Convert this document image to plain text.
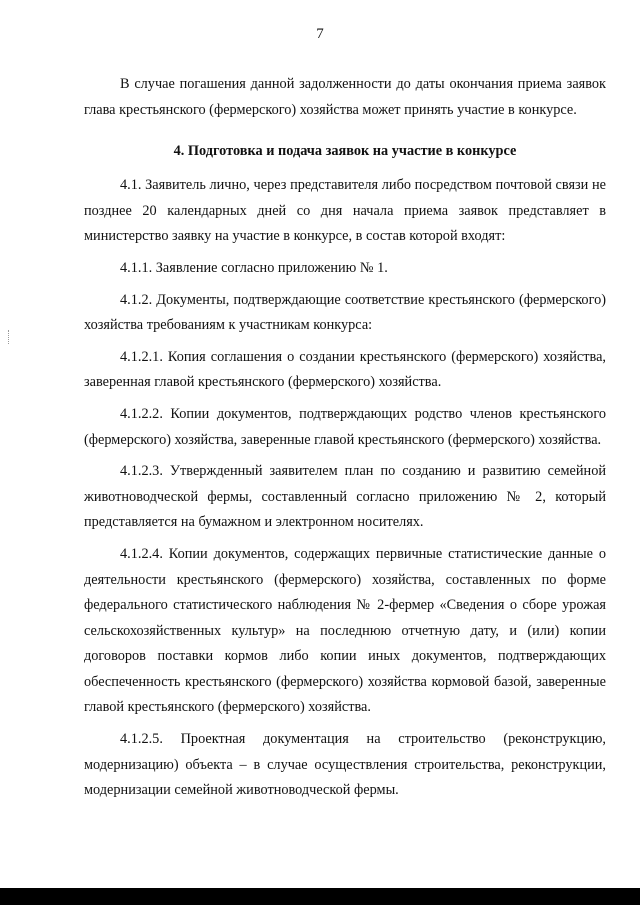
7

В случае погашения данной задолженности до даты окончания приема заявок глава крестьянского (фермерского) хозяйства может принять участие в конкурсе.

4. Подготовка и подача заявок на участие в конкурсе

4.1. Заявитель лично, через представителя либо посредством почтовой связи не позднее 20 календарных дней со дня начала приема заявок представляет в министерство заявку на участие в конкурсе, в состав которой входят:

4.1.1. Заявление согласно приложению № 1.

4.1.2. Документы, подтверждающие соответствие крестьянского (фермерского) хозяйства требованиям к участникам конкурса:

4.1.2.1. Копия соглашения о создании крестьянского (фермерского) хозяйства, заверенная главой крестьянского (фермерского) хозяйства.

4.1.2.2. Копии документов, подтверждающих родство членов крестьянского (фермерского) хозяйства, заверенные главой крестьянского (фермерского) хозяйства.

4.1.2.3. Утвержденный заявителем план по созданию и развитию семейной животноводческой фермы, составленный согласно приложению № 2, который представляется на бумажном и электронном носителях.

4.1.2.4. Копии документов, содержащих первичные статистические данные о деятельности крестьянского (фермерского) хозяйства, составленных по форме федерального статистического наблюдения № 2-фермер «Сведения о сборе урожая сельскохозяйственных культур» на последнюю отчетную дату, и (или) копии договоров поставки кормов либо копии иных документов, подтверждающих обеспеченность крестьянского (фермерского) хозяйства кормовой базой, заверенные главой крестьянского (фермерского) хозяйства.

4.1.2.5. Проектная документация на строительство (реконструкцию, модернизацию) объекта – в случае осуществления строительства, реконструкции, модернизации семейной животноводческой фермы.
